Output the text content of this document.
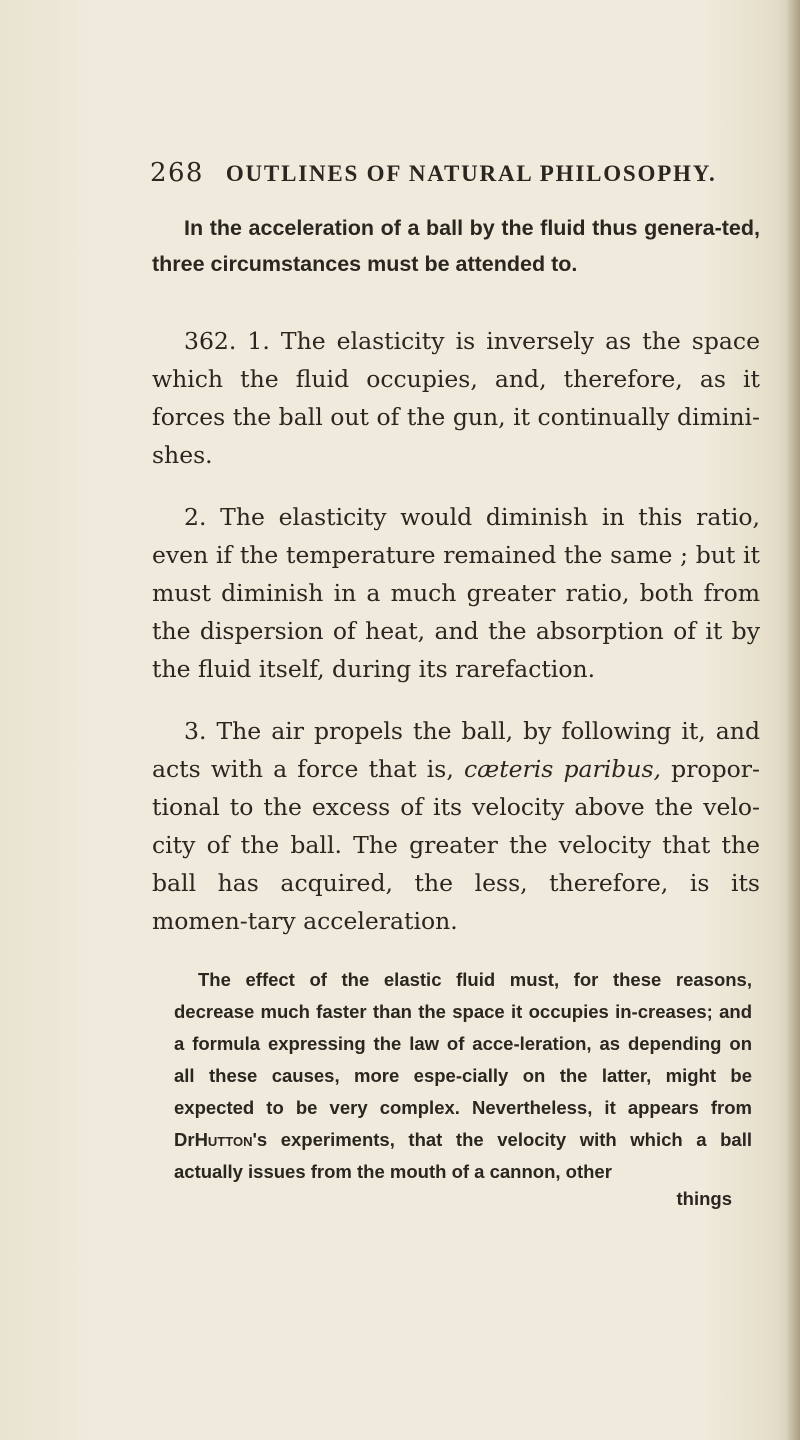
268 OUTLINES OF NATURAL PHILOSOPHY.

In the acceleration of a ball by the fluid thus genera-ted, three circumstances must be attended to.

362. 1. The elasticity is inversely as the space which the fluid occupies, and, therefore, as it forces the ball out of the gun, it continually dimini-shes.

2. The elasticity would diminish in this ratio, even if the temperature remained the same ; but it must diminish in a much greater ratio, both from the dispersion of heat, and the absorption of it by the fluid itself, during its rarefaction.

3. The air propels the ball, by following it, and acts with a force that is, cæteris paribus, propor-tional to the excess of its velocity above the velo-city of the ball. The greater the velocity that the ball has acquired, the less, therefore, is its momen-tary acceleration.

The effect of the elastic fluid must, for these reasons, decrease much faster than the space it occupies in-creases; and a formula expressing the law of acce-leration, as depending on all these causes, more espe-cially on the latter, might be expected to be very complex. Nevertheless, it appears from DrHutton's experiments, that the velocity with which a ball actually issues from the mouth of a cannon, other

things
